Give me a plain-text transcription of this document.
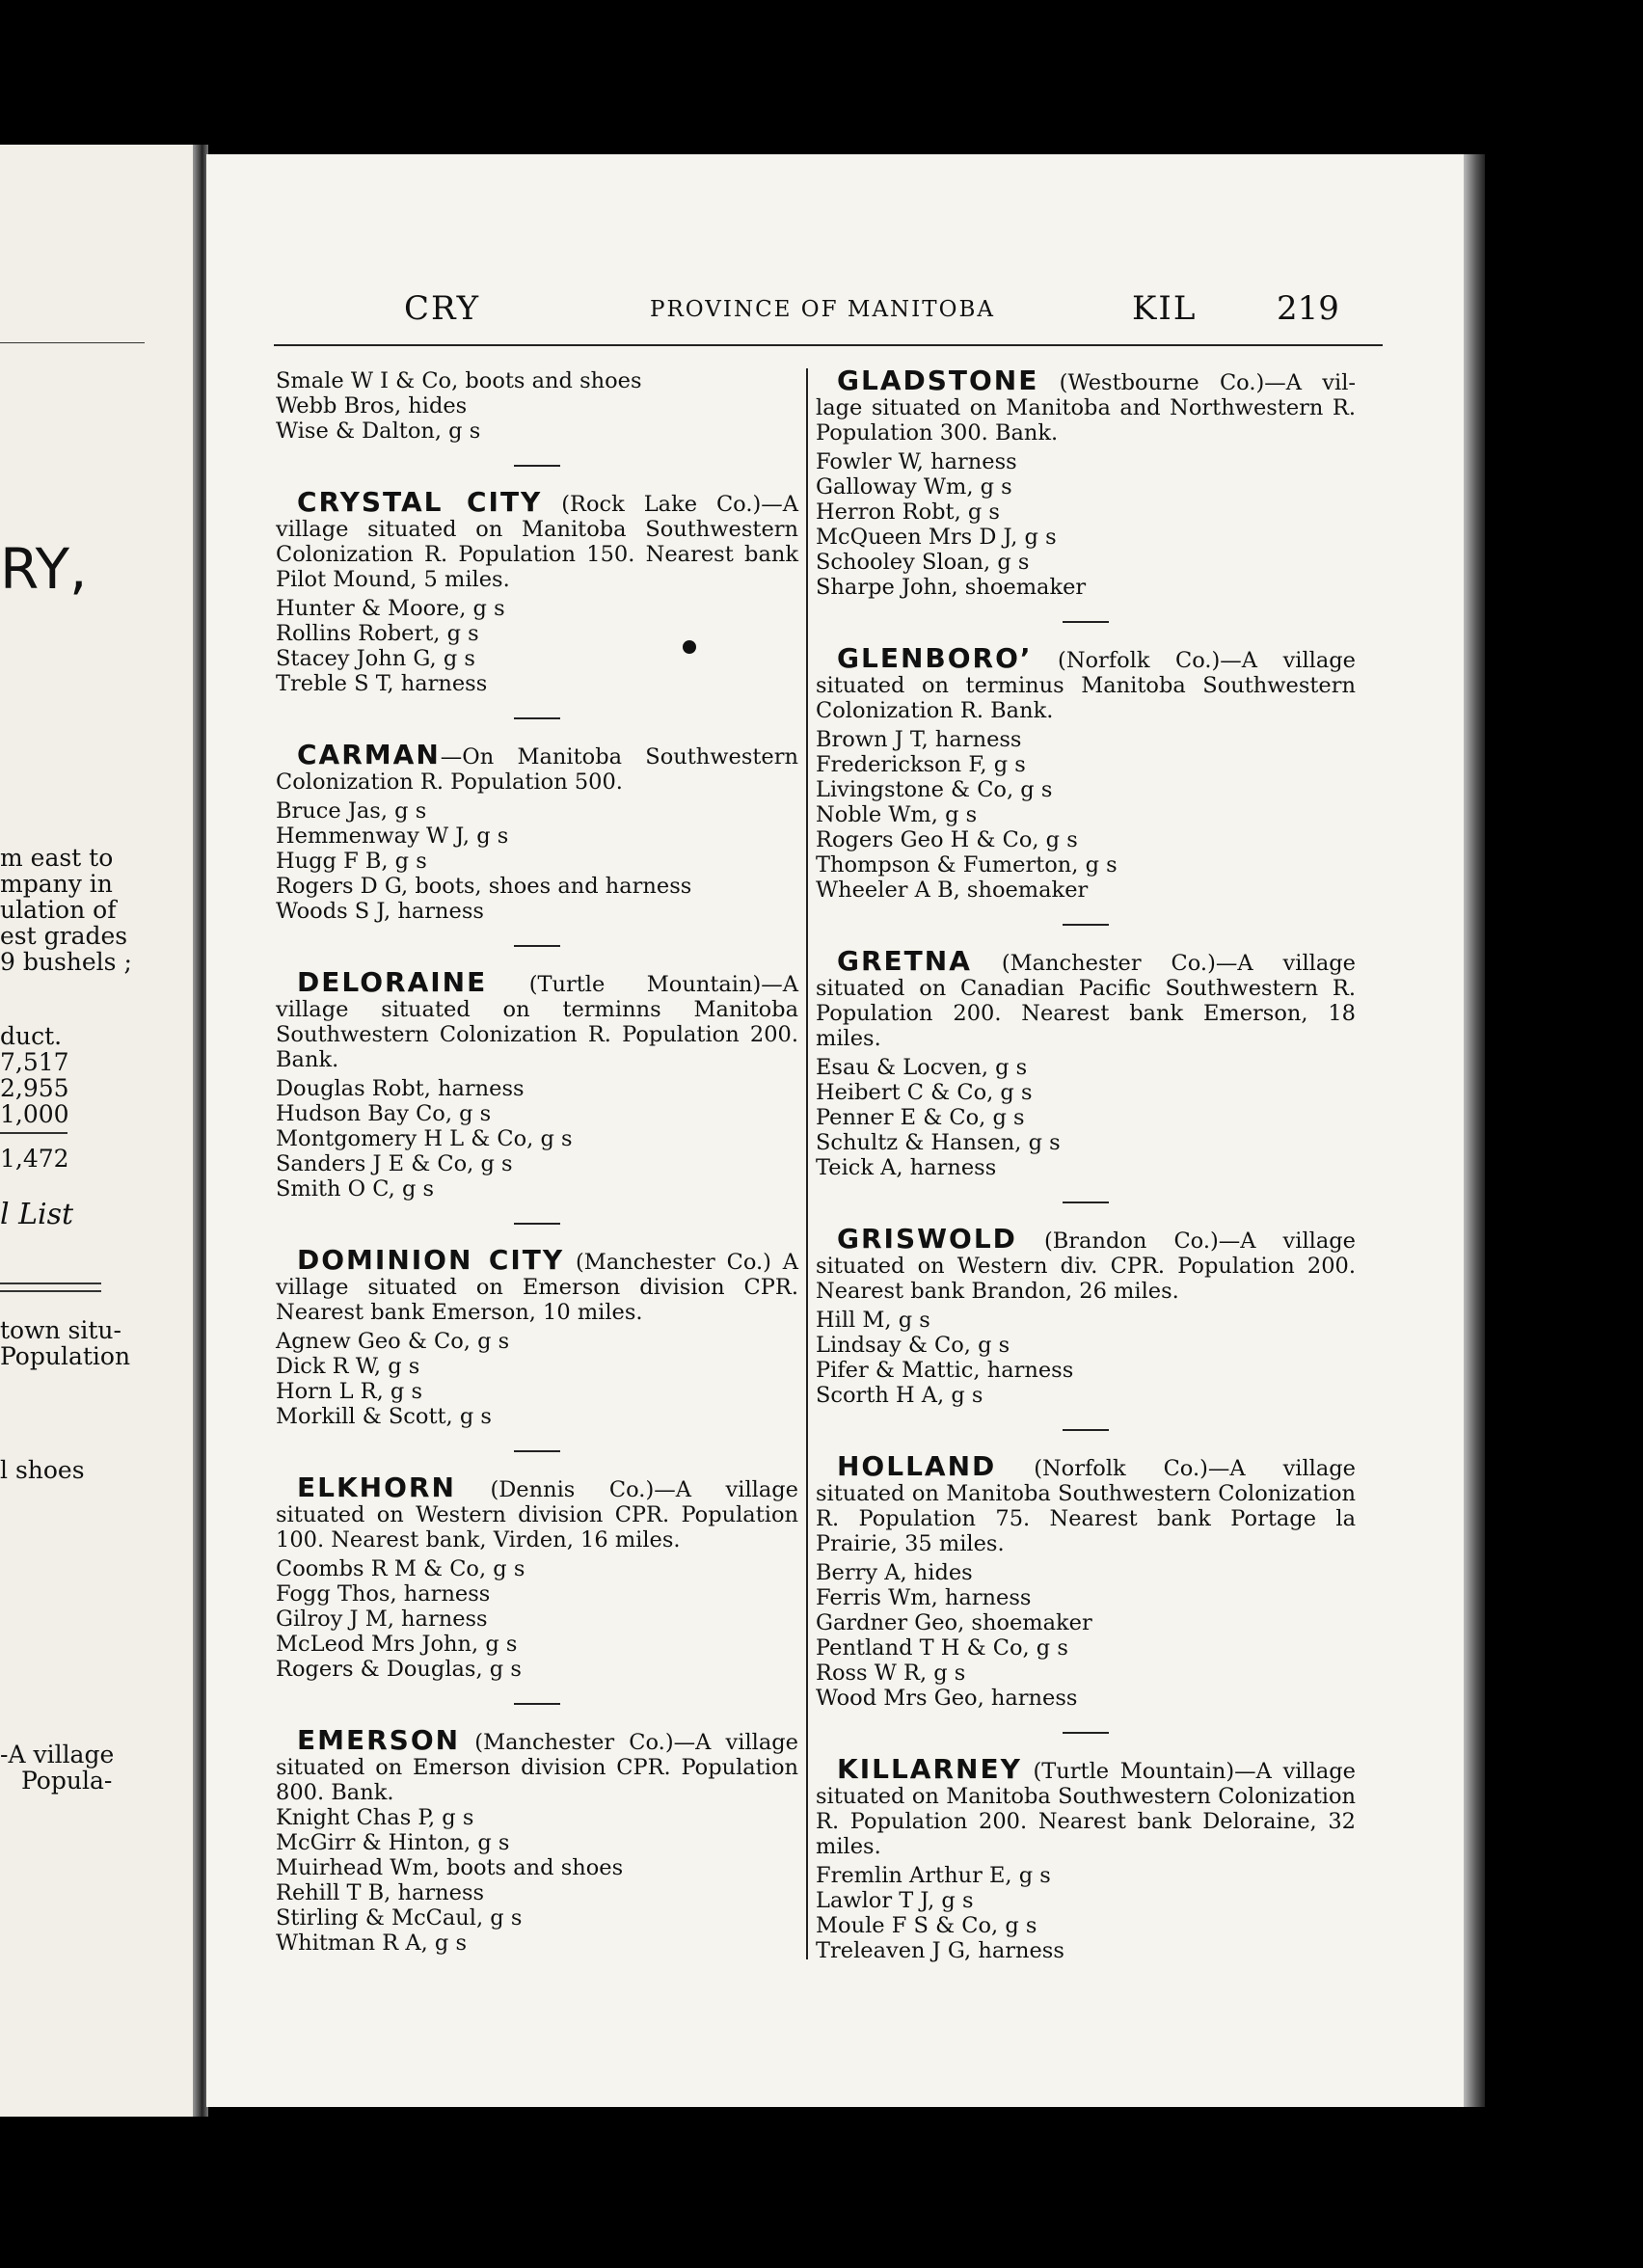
RY,
m east to
mpany in
ulation of
est grades
9 bushels ;
duct.
7,517
2,955
1,000
1,472
l List
town situ-
Population
l shoes
-A village
Popula-
CRY	PROVINCE OF MANITOBA	KIL 219

Smale W I & Co, boots and shoes

Webb Bros, hides

Wise & Dalton, g s

CRYSTAL CITY (Rock Lake Co.)—A village situated on Manitoba Southwestern Colonization R. Population 150. Nearest bank Pilot Mound, 5 miles.

Hunter & Moore, g s

Rollins Robert, g s

Stacey John G, g s

Treble S T, harness

CARMAN—On Manitoba Southwestern Colonization R. Population 500.

Bruce Jas, g s

Hemmenway W J, g s

Hugg F B, g s

Rogers D G, boots, shoes and harness

Woods S J, harness

DELORAINE (Turtle Mountain)—A village situated on terminns Manitoba Southwestern Colonization R. Population 200. Bank.

Douglas Robt, harness

Hudson Bay Co, g s

Montgomery H L & Co, g s

Sanders J E & Co, g s

Smith O C, g s

DOMINION CITY (Manchester Co.) A village situated on Emerson division CPR. Nearest bank Emerson, 10 miles.

Agnew Geo & Co, g s

Dick R W, g s

Horn L R, g s

Morkill & Scott, g s

ELKHORN (Dennis Co.)—A village situated on Western division CPR. Population 100. Nearest bank, Virden, 16 miles.

Coombs R M & Co, g s

Fogg Thos, harness

Gilroy J M, harness

McLeod Mrs John, g s

Rogers & Douglas, g s

EMERSON (Manchester Co.)—A village situated on Emerson division CPR. Population 800. Bank.

Knight Chas P, g s

McGirr & Hinton, g s

Muirhead Wm, boots and shoes

Rehill T B, harness

Stirling & McCaul, g s

Whitman R A, g s

GLADSTONE (Westbourne Co.)—A vil- lage situated on Manitoba and Northwestern R. Population 300. Bank.

Fowler W, harness

Galloway Wm, g s

Herron Robt, g s

McQueen Mrs D J, g s

Schooley Sloan, g s

Sharpe John, shoemaker

GLENBORO’ (Norfolk Co.)—A village situated on terminus Manitoba Southwestern Colonization R. Bank.

Brown J T, harness

Frederickson F, g s

Livingstone & Co, g s

Noble Wm, g s

Rogers Geo H & Co, g s

Thompson & Fumerton, g s

Wheeler A B, shoemaker

GRETNA (Manchester Co.)—A village situated on Canadian Pacific Southwestern R. Population 200. Nearest bank Emerson, 18 miles.

Esau & Locven, g s

Heibert C & Co, g s

Penner E & Co, g s

Schultz & Hansen, g s

Teick A, harness

GRISWOLD (Brandon Co.)—A village situated on Western div. CPR. Population 200. Nearest bank Brandon, 26 miles.

Hill M, g s

Lindsay & Co, g s

Pifer & Mattic, harness

Scorth H A, g s

HOLLAND (Norfolk Co.)—A village situated on Manitoba Southwestern Colonization R. Population 75. Nearest bank Portage la Prairie, 35 miles.

Berry A, hides

Ferris Wm, harness

Gardner Geo, shoemaker

Pentland T H & Co, g s

Ross W R, g s

Wood Mrs Geo, harness

KILLARNEY (Turtle Mountain)—A village situated on Manitoba Southwestern Colonization R. Population 200. Nearest bank Deloraine, 32 miles.

Fremlin Arthur E, g s

Lawlor T J, g s

Moule F S & Co, g s

Treleaven J G, harness
